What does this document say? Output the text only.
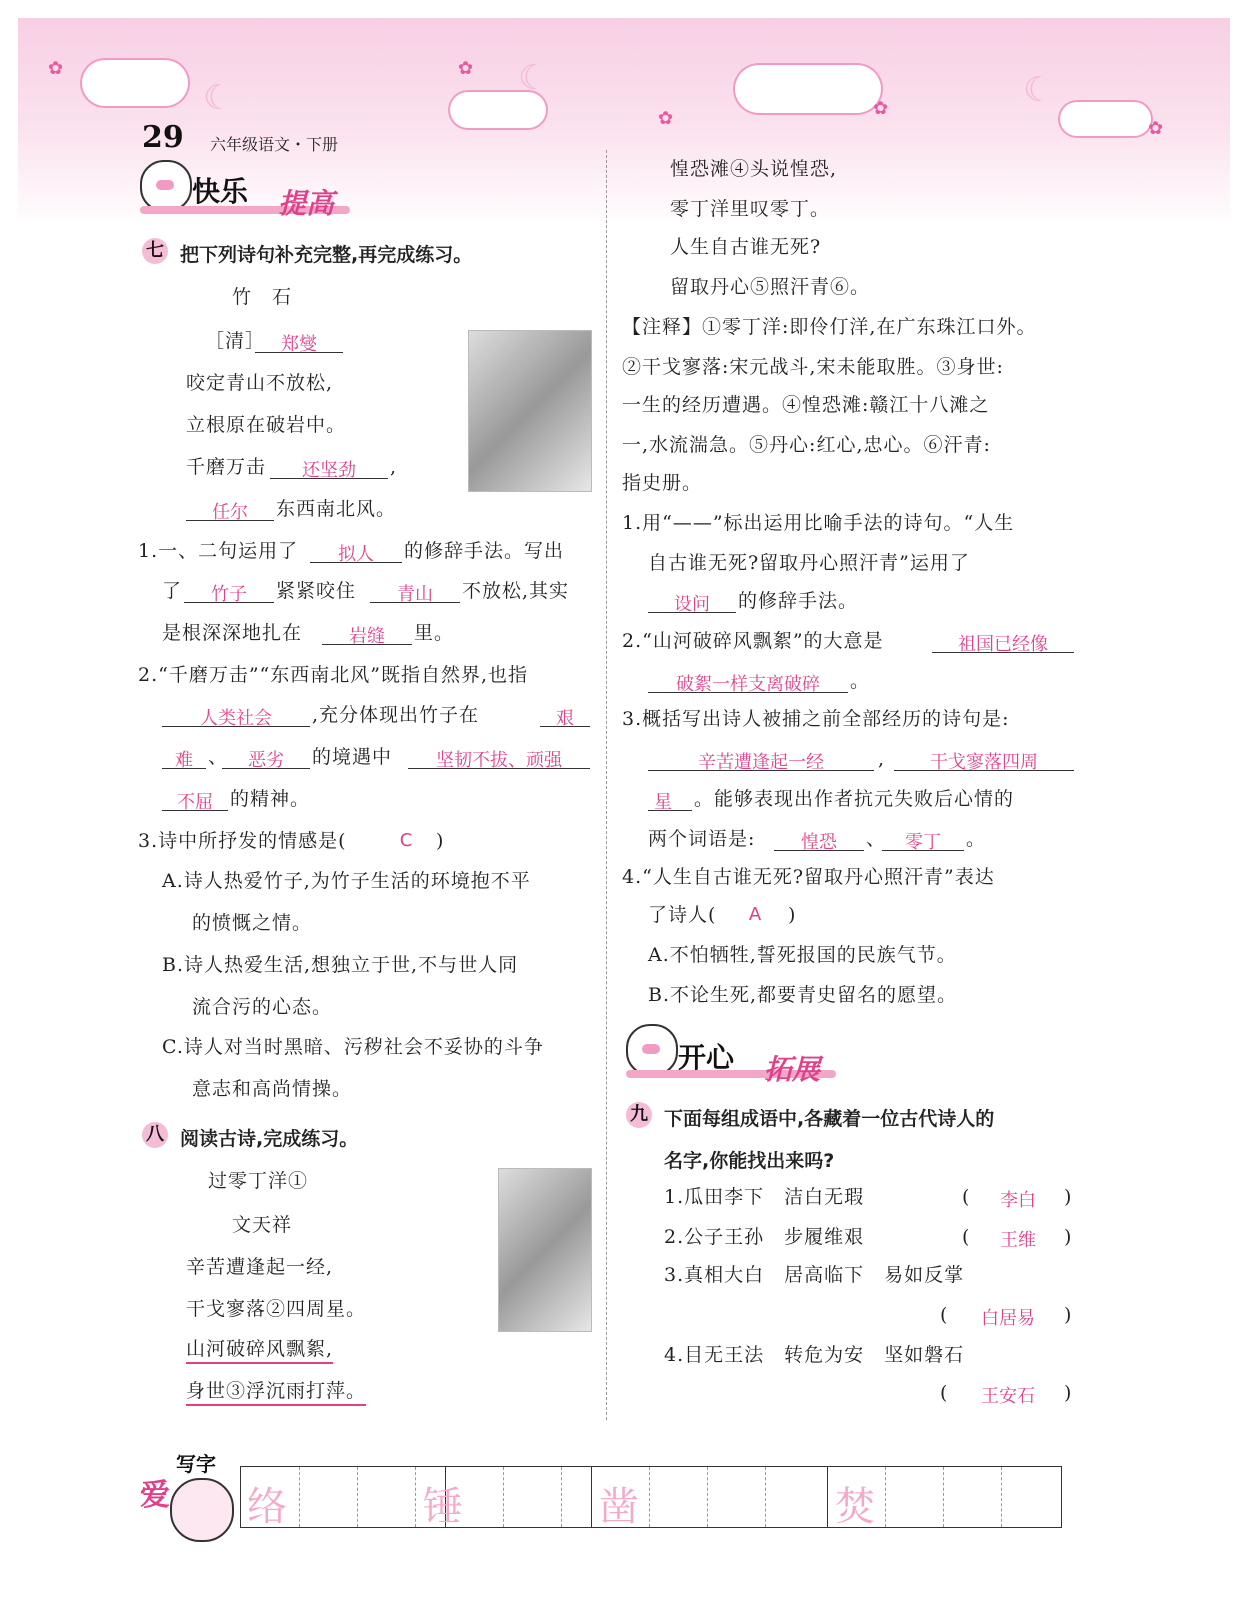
☾	☾	☾
✿	✿
✿	✿
✿
29 六年级语文・下册
快乐 提高
七 把下列诗句补充完整,再完成练习。
竹　石
［清］ 郑燮
咬定青山不放松,
立根原在破岩中。
千磨万击	还坚劲	,
任尔	东西南北风。
1.一、二句运用了	拟人	的修辞手法。写出
了	竹子	紧紧咬住	青山	不放松,其实
是根深深地扎在	岩缝	里。
2.“千磨万击”“东西南北风”既指自然界,也指
人类社会	,充分体现出竹子在	艰
难 、	恶劣	的境遇中	坚韧不拔、顽强
不屈 的精神。
3.诗中所抒发的情感是(	C	)
A.诗人热爱竹子,为竹子生活的环境抱不平
的愤慨之情。
B.诗人热爱生活,想独立于世,不与世人同
流合污的心态。
C.诗人对当时黑暗、污秽社会不妥协的斗争
意志和高尚情操。
八 阅读古诗,完成练习。
过零丁洋①
文天祥
辛苦遭逢起一经,
干戈寥落②四周星。
山河破碎风飘絮,
身世③浮沉雨打萍。
惶恐滩④头说惶恐,
零丁洋里叹零丁。
人生自古谁无死?
留取丹心⑤照汗青⑥。
【注释】①零丁洋:即伶仃洋,在广东珠江口外。
②干戈寥落:宋元战斗,宋未能取胜。③身世:
一生的经历遭遇。④惶恐滩:赣江十八滩之
一,水流湍急。⑤丹心:红心,忠心。⑥汗青:
指史册。
1.用“——”标出运用比喻手法的诗句。“人生
自古谁无死?留取丹心照汗青”运用了
设问	的修辞手法。
2.“山河破碎风飘絮”的大意是	祖国已经像
破絮一样支离破碎	。
3.概括写出诗人被捕之前全部经历的诗句是:
辛苦遭逢起一经	,	干戈寥落四周
星	。能够表现出作者抗元失败后心情的
两个词语是:	惶恐	、	零丁	。
4.“人生自古谁无死?留取丹心照汗青”表达
了诗人(	A	)
A.不怕牺牲,誓死报国的民族气节。
B.不论生死,都要青史留名的愿望。
开心 拓展
九 下面每组成语中,各藏着一位古代诗人的
名字,你能找出来吗?
1.瓜田李下　洁白无瑕	(	李白	)
2.公子王孙　步履维艰	(	王维	)
3.真相大白　居高临下　易如反掌
(	白居易	)
4.目无王法　转危为安　坚如磐石
(	王安石	)
写字
爱 络	锤	凿	焚
